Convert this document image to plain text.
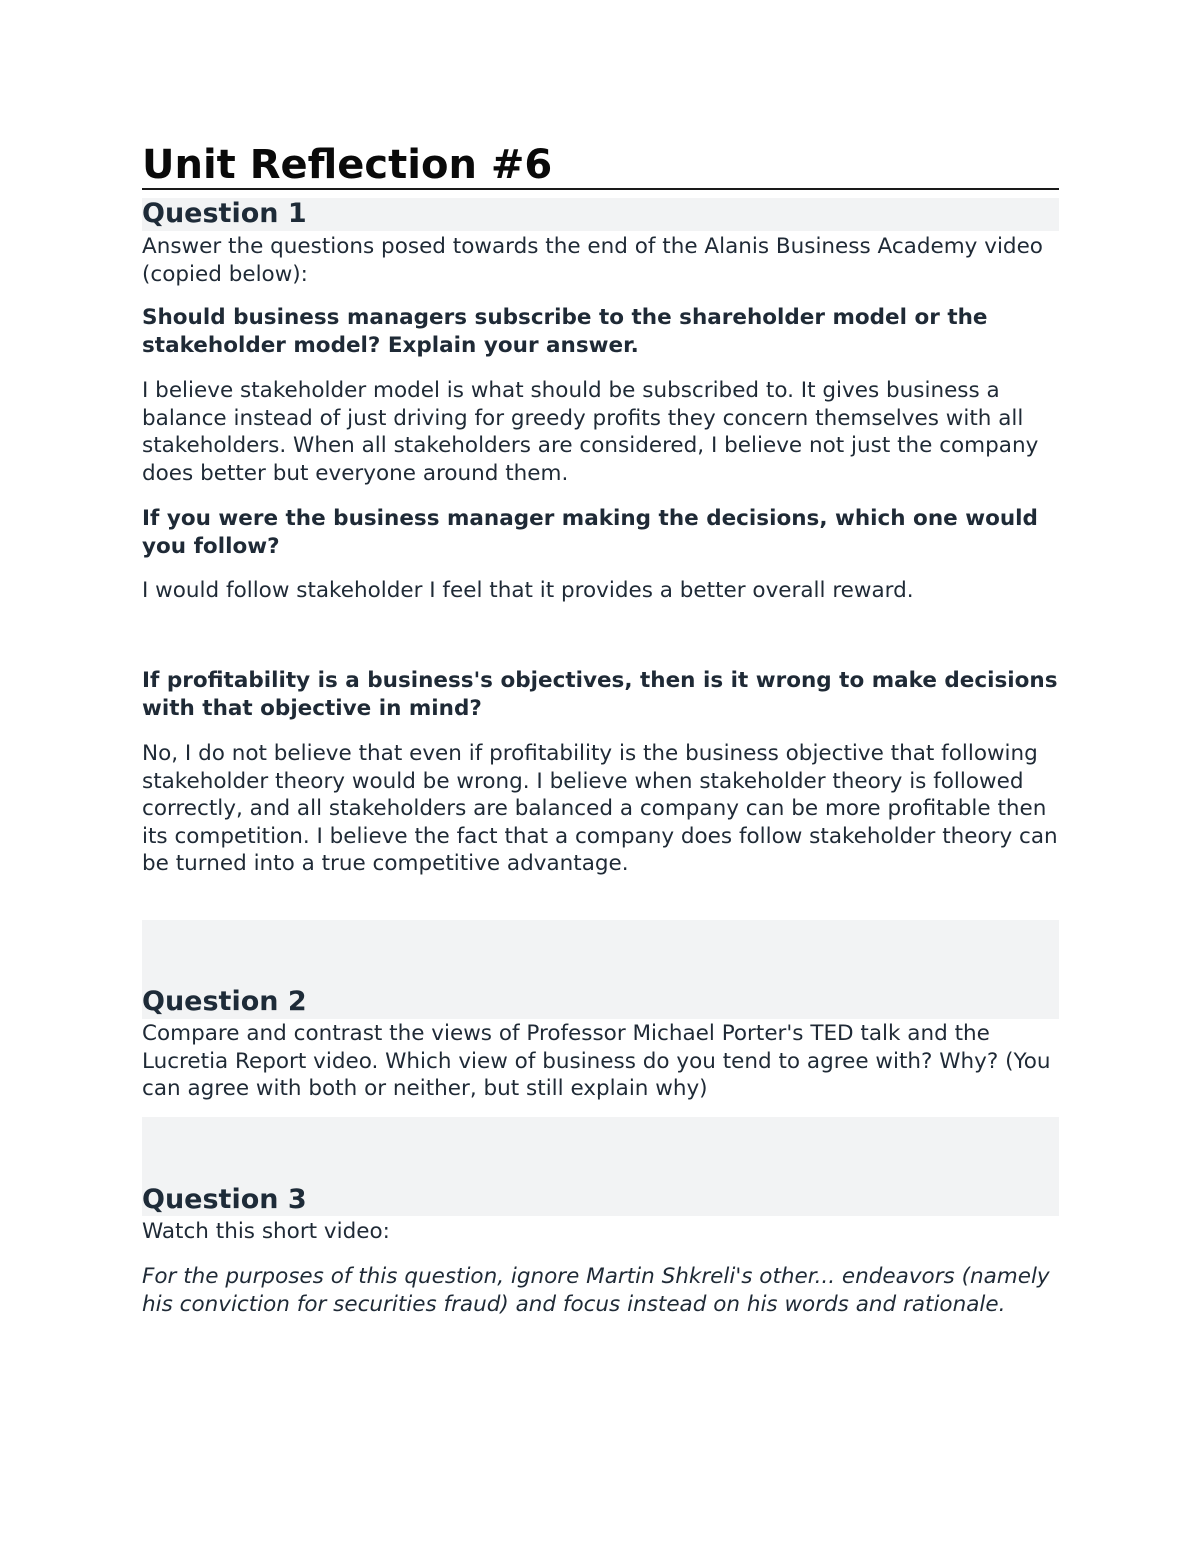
Unit Reflection #6
Question 1

Answer the questions posed towards the end of the Alanis Business Academy video (copied below):

Should business managers subscribe to the shareholder model or the stakeholder model? Explain your answer.

I believe stakeholder model is what should be subscribed to. It gives business a balance instead of just driving for greedy profits they concern themselves with all stakeholders. When all stakeholders are considered, I believe not just the company does better but everyone around them.

If you were the business manager making the decisions, which one would you follow?

I would follow stakeholder I feel that it provides a better overall reward.

If profitability is a business's objectives, then is it wrong to make decisions with that objective in mind?

No, I do not believe that even if profitability is the business objective that following stakeholder theory would be wrong. I believe when stakeholder theory is followed correctly, and all stakeholders are balanced a company can be more profitable then its competition. I believe the fact that a company does follow stakeholder theory can be turned into a true competitive advantage.

Question 2

Compare and contrast the views of Professor Michael Porter's TED talk and the Lucretia Report video. Which view of business do you tend to agree with? Why? (You can agree with both or neither, but still explain why)

Question 3

Watch this short video:

For the purposes of this question, ignore Martin Shkreli's other... endeavors (namely his conviction for securities fraud) and focus instead on his words and rationale.
